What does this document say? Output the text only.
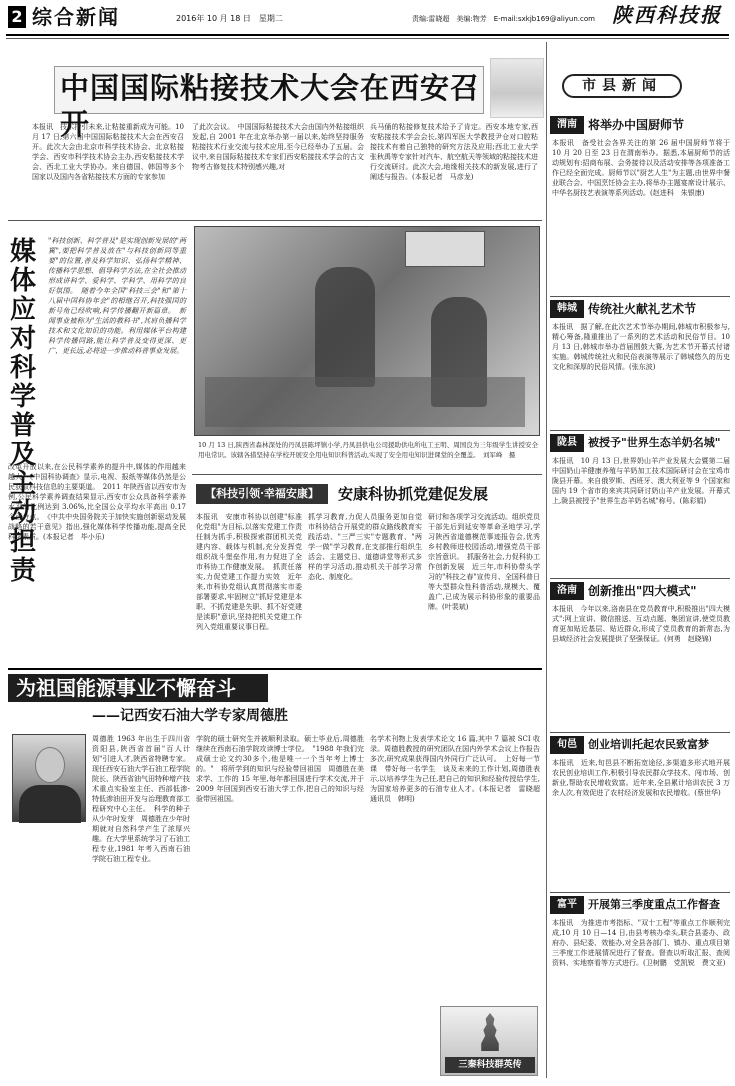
2 综合新闻	2016年 10 月 18 日　星期二	责编:雷晓超　美编:物芳　E-mail:sxkjb169@aliyun.com 陕西科技报
中国国际粘接技术大会在西安召开
本报讯　技术指引未来,让粘接重新成为可能。10 月 17 日,第六届中国国际粘接技术大会在西安召开。此次大会由北京市科学技术协会、北京粘接学会、西安市科学技术协会主办,西安粘接技术学会、西北工业大学协办。来自德国、韩国等多个国家以及国内各省粘接技术方面的专家参加
了此次会议。　中国国际粘接技术大会由国内外粘接组织发起,自 2001 年在北京举办第一届以来,始终坚持服务粘接技术行业交流与技术应用,至今已经举办了五届。会议中,来自国际粘接技术专家们西安粘接技术学会的古文物考古修复技术特别感兴趣,对
兵马俑的粘接修复技术给予了肯定。西安本地专家,西安粘接技术学会会长,第四军医大学教授尹仓对口腔粘接技术有着自己独特的研究方法及应用;西北工业大学张秋禹等专家针对汽车、航空航天等领域的粘接技术进行交流研讨。此次大会,地缘相关技术的新发展,进行了阐述与报告。(本报记者　马彦龙)
媒体应对科学普及主动担责
"科技创新、科学普及"是实现创新发展的"两翼",要把科学普及放在"与科技创新同等重要"的位置,普及科学知识、弘扬科学精神、传播科学思想、倡导科学方法,在全社会推动形成讲科学、爱科学、学科学、用科学的良好氛围。　随着今年全国"科技三会"和"第十八届中国科协年会"的相继召开,科技强国的新号角已经吹响,科学传播翻开新篇章。　新闻事业被称为"生活的教科书",其肩负播科学技术和文化知识的功能。利用媒体平台构建科学传播同路,能让科学普及变得更深、更广、更长远,必将进一步推动科普事业发展。
改革开放以来,在公民科学素养的提升中,媒体的作用越来越大。《中国科协调查》显示,电视、报纸等媒体仍然是公民获取科技信息的主要渠道。　2011 年陕西省以西安市为例,公民科学素养调查结果显示,西安市公众具备科学素养水平的比例达到 3.06%,比全国公众平均水平高出 0.17 个百分点。　《中共中央国务院关于加快实施创新驱动发展战略的若干意见》指出,强化媒体科学传播功能,提高全民科学素质。(本报记者　毕小乐)
10 月 13 日,陕西省森林深处的丹凤县陈坪镇小学,丹凤县供电公司援助供电所电工王明、周国良为三年级学生讲授安全用电常识。该辖各措坚持在学校开展安全用电知识科普活动,实现了安全用电知识进课堂的全覆盖。　刘军峰　摄
【科技引领·幸福安康】	安康科协抓党建促发展
本报讯　安康市科协以创建"标准化党组"为目标,以落实党建工作责任制为抓手,积极探索群团机关党建内容、载体与机制,充分发挥党组织战斗堡垒作用,有力促进了全市科协工作健康发展。　抓责任落实,力促党建工作提力实效　近年来,市科协党组认真贯彻落实市委部署要求,牢固树立"抓好党建是本职、不抓党建是失职、抓不好党建是渎职"意识,坚持把机关党建工作列入党组重要议事日程。
抓学习教育,力促人员服务更加自觉　市科协结合开展党的群众路线教育实践活动、"三严三实"专题教育、"两学一做"学习教育,在支部推行组织生活会、主题党日、道德讲堂等形式多样的学习活动,推动机关干部学习常态化、制度化。
研讨和各项学习交流活动。组织党员干部先后到延安等革命圣地学习,学习陕西省道德模范事迹报告会,优秀乡村教师进校园活动,增强党员干部宗旨意识。　抓服务社会,力促科协工作创新发展　近三年,市科协带头学习的"科技之春"宣传月、全国科普日等大型群众性科普活动,规模大、覆盖广,已成为展示科协形象的重要品牌。(叶裴斌)
为祖国能源事业不懈奋斗
——记西安石油大学专家周德胜
周德胜 1963 年出生于四川省资阳县,陕西省首届"百人计划"引进人才,陕西省特聘专家。现任西安石油大学石油工程学院院长、陕西省油气田特种增产技术重点实验室主任、西部低渗-特低渗油田开发与治理教育部工程研究中心主任。　科学的种子从少年时发芽　周德胜在少年时期就对自然科学产生了浓厚兴趣。在大学里系统学习了石油工程专业,1981 年考入西南石油学院石油工程专业。
学院的硕士研究生并被顺利录取。硕士毕业后,周德胜继续在西南石油学院攻读博士学位。　"1988 年我们完成硕士论文约30多个,他是唯一一个当年考上博士的。"　将所学到的知识与经验带回祖国　周德胜在美求学、工作的 15 年里,每年都回国进行学术交流,并于 2009 年回国到西安石油大学工作,把自己的知识与经验带回祖国。
名学术刊物上发表学术论文 16 篇,其中 7 篇被 SCI 收录。周德胜教授的研究团队在国内外学术会议上作报告多次,研究成果获得国内外同行广泛认可。　上好每一节课　带好每一名学生　谈及未来的工作计划,周德胜表示,以培养学生为己任,把自己的知识和经验传授给学生,为国家培养更多的石油专业人才。(本报记者　雷晓超　通讯员　韩明)
三秦科技群英传
市县新闻
渭南 将举办中国厨师节
本报讯　备受社会各界关注的第 26 届中国厨师节将于 10 月 20 日至 23 日在渭南举办。据悉,本届厨师节的活动规划有:招商布展、会务接待以及活动安排等各项准备工作已经全面完成。厨师节以"厨艺人生"为主题,由世界中餐业联合会、中国烹饪协会主办,将举办主题宴席设计展示、中华名厨技艺表演等系列活动。(赵进科　朱银康)
韩城 传统社火献礼艺术节
本报讯　据了解,在此次艺术节举办期间,韩城市积极参与,精心筹备,隆重推出了一系列的艺术活动和民俗节目。10 月 13 日,韩城市举办首届围鼓大赛,为艺术节开幕式付诸实施。韩城传统社火和民俗表演等展示了韩城悠久的历史文化和深厚的民俗风情。(张东波)
陇县	被授予"世界生态羊奶名城"
本报讯　10 月 13 日,世界奶山羊产业发展大会暨第二届中国奶山羊健康养殖与羊奶加工技术国际研讨会在宝鸡市陇县开幕。来自俄罗斯、西班牙、澳大利亚等 9 个国家和国内 19 个省市的来宾共同研讨奶山羊产业发展。开幕式上,陇县被授予"世界生态羊奶名城"称号。(陈彩娟)
洛南 创新推出"四大模式"
本报讯　今年以来,洛南县在党员教育中,积极推出"四大模式":网上宣讲、微信推送、互动点题、集团宣讲,使党员教育更加贴近基层、贴近群众,形成了党员教育的新常态,为县域经济社会发展提供了坚强保证。(何勇　赵晓锦)
旬邑	创业培训托起农民致富梦
本报讯　近来,旬邑县不断拓宽途径,多渠道多形式地开展农民创业培训工作,积极引导农民群众学技术、闯市场、创新业,帮助农民增收致富。近年来,全县累计培训农民 3 万余人次,有效促进了农村经济发展和农民增收。(蔡世华)
富平	开展第三季度重点工作督查
本报讯　为推进市考指标、"双十工程"等重点工作顺利完成,10 月 10 日—14 日,由县考核办牵头,联合县委办、政府办、县纪委、效能办,对全县各部门、镇办、重点项目第三季度工作进展情况进行了督查。督查以听取汇报、查阅资料、实地察看等方式进行。(卫树鹏　党凯锐　费文亚)
